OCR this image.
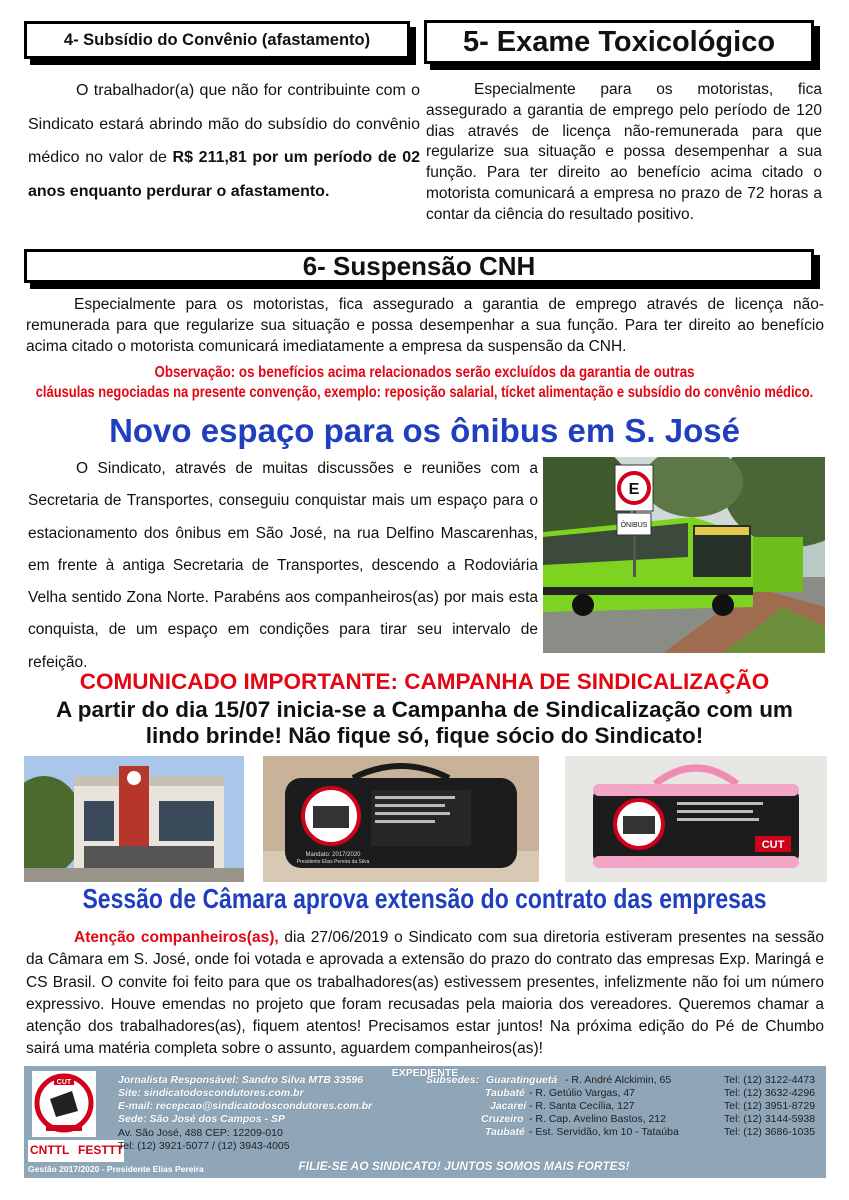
4- Subsídio do Convênio (afastamento)

O trabalhador(a) que não for contribuinte com o Sindicato estará abrindo mão do subsídio do convênio médico no valor de R$ 211,81 por um período de 02 anos enquanto perdurar o afastamento.

5- Exame Toxicológico

Especialmente para os motoristas, fica assegurado a garantia de emprego pelo período de 120 dias através de licença não-remunerada para que regularize sua situação e possa desempenhar a sua função. Para ter direito ao benefício acima citado o motorista comunicará a empresa no prazo de 72 horas a contar da ciência do resultado positivo.

6- Suspensão CNH

Especialmente para os motoristas, fica assegurado a garantia de emprego através de licença não-remunerada para que regularize sua situação e possa desempenhar a sua função. Para ter direito ao benefício acima citado o motorista comunicará imediatamente a empresa da suspensão da CNH.

Observação: os benefícios acima relacionados serão excluídos da garantia de outras
cláusulas negociadas na presente convenção, exemplo: reposição salarial, tícket alimentação e subsídio do convênio médico.
Novo espaço para os ônibus em S. José

O Sindicato, através de muitas discussões e reuniões com a Secretaria de Transportes, conseguiu conquistar mais um espaço para o estacionamento dos ônibus em São José, na rua Delfino Mascarenhas, em frente à antiga Secretaria de Transportes, descendo a Rodoviária Velha sentido Zona Norte. Parabéns aos companheiros(as) por mais esta conquista, de um espaço em condições para tirar seu intervalo de refeição.

E
ÔNIBUS
COMUNICADO IMPORTANTE: CAMPANHA DE SINDICALIZAÇÃO
A partir do dia 15/07 inicia-se a Campanha de Sindicalização com um
lindo brinde! Não fique só, fique sócio do Sindicato!
Mandato: 2017/2020
Presidente Elias Pereira da Silva
CUT
Sessão de Câmara aprova extensão do contrato das empresas

Atenção companheiros(as), dia 27/06/2019 o Sindicato com sua diretoria estiveram presentes na sessão da Câmara em S. José, onde foi votada e aprovada a extensão do prazo do contrato das empresas Exp. Maringá e CS Brasil. O convite foi feito para que os trabalhadores(as) estivessem presentes, infelizmente não foi um número expressivo. Houve emendas no projeto que foram recusadas pela maioria dos vereadores. Queremos chamar a atenção dos trabalhadores(as), fiquem atentos! Precisamos estar juntos! Na próxima edição do Pé de Chumbo sairá uma matéria completa sobre o assunto, aguardem companheiros(as)!

EXPEDIENTE
CUT
CNTTL FESTTT
Gestão 2017/2020 - Presidente Elias Pereira
Jornalista Responsável: Sandro Silva MTB 33596
Site: sindicatodoscondutores.com.br
E-mail: recepcao@sindicatodoscondutores.com.br
Sede: São José dos Campos - SP
Av. São José, 488 CEP: 12209-010
Tel: (12) 3921-5077 / (12) 3943-4005
Subsedes: Guaratinguetá - R. André Alckimin, 65	Tel: (12) 3122-4473
Taubaté - R. Getúlio Vargas, 47	Tel: (12) 3632-4296
Jacareí - R. Santa Cecília, 127	Tel: (12) 3951-8729
Cruzeiro - R. Cap. Avelino Bastos, 212	Tel: (12) 3144-5938
Taubaté - Est. Servidão, km 10 - Tataúba	Tel: (12) 3686-1035
FILIE-SE AO SINDICATO! JUNTOS SOMOS MAIS FORTES!
